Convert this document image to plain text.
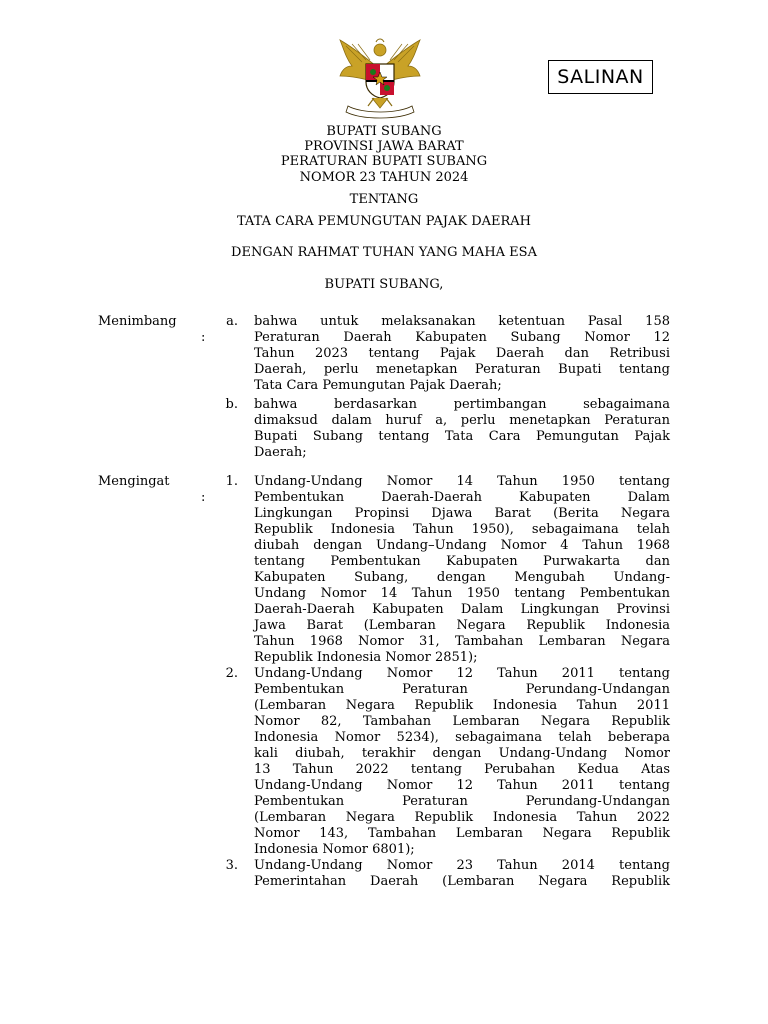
SALINAN
BUPATI SUBANG
PROVINSI JAWA BARAT
PERATURAN BUPATI SUBANG
NOMOR 23 TAHUN 2024
TENTANG
TATA CARA PEMUNGUTAN PAJAK DAERAH
DENGAN RAHMAT TUHAN YANG MAHA ESA
BUPATI SUBANG,
Menimbang
:
a. bahwa untuk melaksanakan ketentuan Pasal 158
Peraturan Daerah Kabupaten Subang Nomor 12
Tahun 2023 tentang Pajak Daerah dan Retribusi
Daerah, perlu menetapkan Peraturan Bupati tentang
Tata Cara Pemungutan Pajak Daerah;
b. bahwa berdasarkan pertimbangan sebagaimana
dimaksud dalam huruf a, perlu menetapkan Peraturan
Bupati Subang tentang Tata Cara Pemungutan Pajak
Daerah;
Mengingat
:
1. Undang-Undang Nomor 14 Tahun 1950 tentang
Pembentukan Daerah-Daerah Kabupaten Dalam
Lingkungan Propinsi Djawa Barat (Berita Negara
Republik Indonesia Tahun 1950), sebagaimana telah
diubah dengan Undang–Undang Nomor 4 Tahun 1968
tentang Pembentukan Kabupaten Purwakarta dan
Kabupaten Subang, dengan Mengubah Undang-
Undang Nomor 14 Tahun 1950 tentang Pembentukan
Daerah-Daerah Kabupaten Dalam Lingkungan Provinsi
Jawa Barat (Lembaran Negara Republik Indonesia
Tahun 1968 Nomor 31, Tambahan Lembaran Negara
Republik Indonesia Nomor 2851);
2. Undang-Undang Nomor 12 Tahun 2011 tentang
Pembentukan Peraturan Perundang-Undangan
(Lembaran Negara Republik Indonesia Tahun 2011
Nomor 82, Tambahan Lembaran Negara Republik
Indonesia Nomor 5234), sebagaimana telah beberapa
kali diubah, terakhir dengan Undang-Undang Nomor
13 Tahun 2022 tentang Perubahan Kedua Atas
Undang-Undang Nomor 12 Tahun 2011 tentang
Pembentukan Peraturan Perundang-Undangan
(Lembaran Negara Republik Indonesia Tahun 2022
Nomor 143, Tambahan Lembaran Negara Republik
Indonesia Nomor 6801);
3. Undang-Undang Nomor 23 Tahun 2014 tentang
Pemerintahan Daerah (Lembaran Negara Republik
